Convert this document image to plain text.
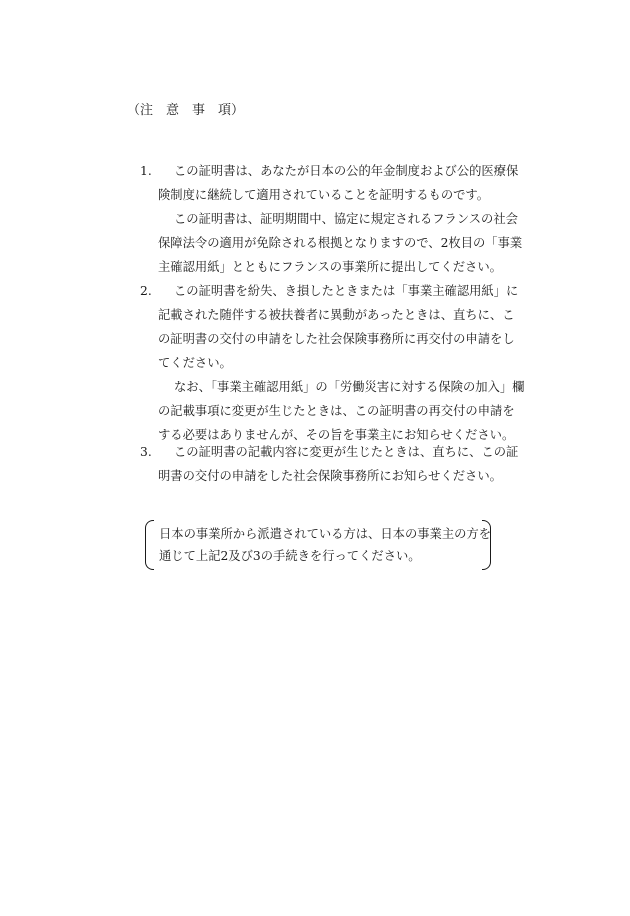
（注　意　事　項）
1. この証明書は、あなたが日本の公的年金制度および公的医療保
険制度に継続して適用されていることを証明するものです。
この証明書は、証明期間中、協定に規定されるフランスの社会
保障法令の適用が免除される根拠となりますので、2枚目の「事業
主確認用紙」とともにフランスの事業所に提出してください。
2. この証明書を紛失、き損したときまたは「事業主確認用紙」に
記載された随伴する被扶養者に異動があったときは、直ちに、こ
の証明書の交付の申請をした社会保険事務所に再交付の申請をし
てください。
なお、「事業主確認用紙」の「労働災害に対する保険の加入」欄
の記載事項に変更が生じたときは、この証明書の再交付の申請を
する必要はありませんが、その旨を事業主にお知らせください。
3. この証明書の記載内容に変更が生じたときは、直ちに、この証
明書の交付の申請をした社会保険事務所にお知らせください。
日本の事業所から派遣されている方は、日本の事業主の方を
通じて上記2及び3の手続きを行ってください。
